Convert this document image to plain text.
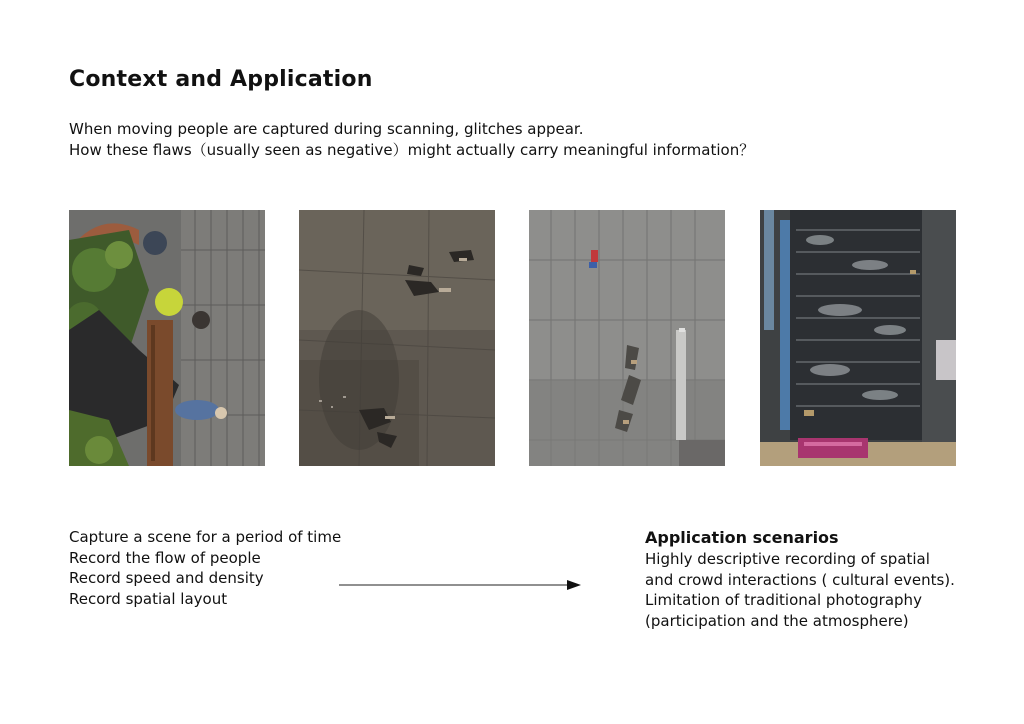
Context and Application
When moving people are captured during scanning, glitches appear.
How these flaws（usually seen as negative）might actually carry meaningful information？
Capture a scene for a period of time
Record the flow of people
Record speed and density
Record spatial layout
Application scenarios
Highly descriptive recording of spatial
and crowd interactions ( cultural events).
Limitation of traditional photography
(participation and the atmosphere)
